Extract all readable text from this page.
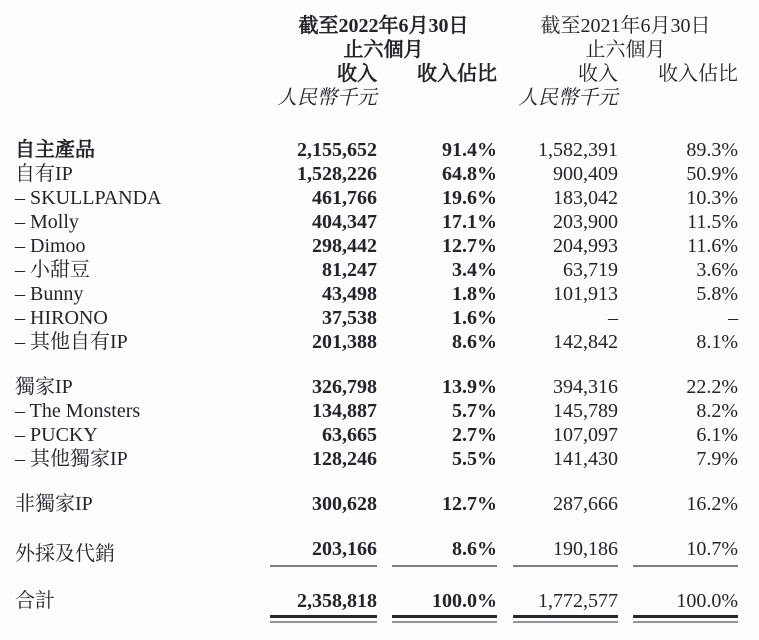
	截至2022年6月30日				截至2021年6月30日		
	止六個月				止六個月		
	收入		收入佔比		收入		收入佔比
	人民幣千元				人民幣千元		
自主產品	2,155,652		91.4%		1,582,391		89.3%
自有IP	1,528,226		64.8%		900,409		50.9%
– SKULLPANDA	461,766		19.6%		183,042		10.3%
– Molly	404,347		17.1%		203,900		11.5%
– Dimoo	298,442		12.7%		204,993		11.6%
– 小甜豆	81,247		3.4%		63,719		3.6%
– Bunny	43,498		1.8%		101,913		5.8%
– HIRONO	37,538		1.6%		–		–
– 其他自有IP	201,388		8.6%		142,842		8.1%

獨家IP	326,798		13.9%		394,316		22.2%
– The Monsters	134,887		5.7%		145,789		8.2%
– PUCKY	63,665		2.7%		107,097		6.1%
– 其他獨家IP	128,246		5.5%		141,430		7.9%

非獨家IP	300,628		12.7%		287,666		16.2%

外採及代銷	203,166		8.6%		190,186		10.7%

合計	2,358,818		100.0%		1,772,577		100.0%
